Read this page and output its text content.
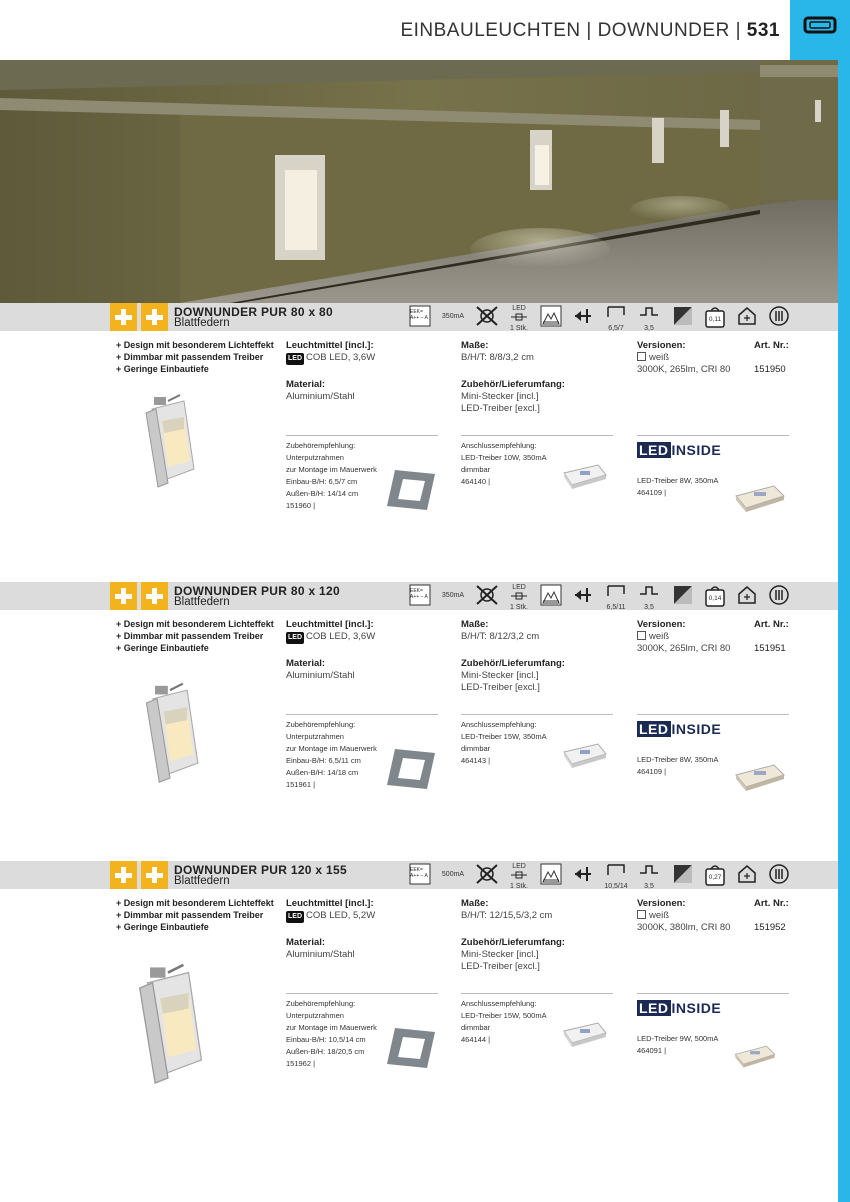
EINBAULEUCHTEN | DOWNUNDER | 531
DOWNUNDER PUR 80 x 80
Blattfedern
EEK=
A++ – A	350mA
LED
1 Stk.	6,5/7	3,5
0,11
+ Design mit besonderem Lichteffekt
+ Dimmbar mit passendem Treiber
+ Geringe Einbautiefe
Leuchtmittel [incl.]:
LED COB LED, 3,6W
Material:
Aluminium/Stahl
Maße:
B/H/T: 8/8/3,2 cm
Zubehör/Lieferumfang:
Mini-Stecker [incl.]
LED-Treiber [excl.]
Versionen:
weiß
3000K, 265lm, CRI 80
Art. Nr.:
151950
Zubehörempfehlung:
Unterputzrahmen
zur Montage im Mauerwerk
Einbau-B/H: 6,5/7 cm
Außen-B/H: 14/14 cm
151960 |
Anschlussempfehlung:
LED-Treiber 10W, 350mA
dimmbar
464140 |
LED INSIDE
LED-Treiber 8W, 350mA
464109 |
DOWNUNDER PUR 80 x 120
Blattfedern
EEK=
A++ – A	350mA
LED
1 Stk.	6,5/11	3,5
0,14
+ Design mit besonderem Lichteffekt
+ Dimmbar mit passendem Treiber
+ Geringe Einbautiefe
Leuchtmittel [incl.]:
LED COB LED, 3,6W
Material:
Aluminium/Stahl
Maße:
B/H/T: 8/12/3,2 cm
Zubehör/Lieferumfang:
Mini-Stecker [incl.]
LED-Treiber [excl.]
Versionen:
weiß
3000K, 265lm, CRI 80
Art. Nr.:
151951
Zubehörempfehlung:
Unterputzrahmen
zur Montage im Mauerwerk
Einbau-B/H: 6,5/11 cm
Außen-B/H: 14/18 cm
151961 |
Anschlussempfehlung:
LED-Treiber 15W, 350mA
dimmbar
464143 |
LED INSIDE
LED-Treiber 8W, 350mA
464109 |
DOWNUNDER PUR 120 x 155
Blattfedern
EEK=
A++ – A	500mA
LED
1 Stk.	10,5/14	3,5
0,27
+ Design mit besonderem Lichteffekt
+ Dimmbar mit passendem Treiber
+ Geringe Einbautiefe
Leuchtmittel [incl.]:
LED COB LED, 5,2W
Material:
Aluminium/Stahl
Maße:
B/H/T: 12/15,5/3,2 cm
Zubehör/Lieferumfang:
Mini-Stecker [incl.]
LED-Treiber [excl.]
Versionen:
weiß
3000K, 380lm, CRI 80
Art. Nr.:
151952
Zubehörempfehlung:
Unterputzrahmen
zur Montage im Mauerwerk
Einbau-B/H: 10,5/14 cm
Außen-B/H: 18/20,5 cm
151962 |
Anschlussempfehlung:
LED-Treiber 15W, 500mA
dimmbar
464144 |
LED INSIDE
LED-Treiber 9W, 500mA
464091 |
